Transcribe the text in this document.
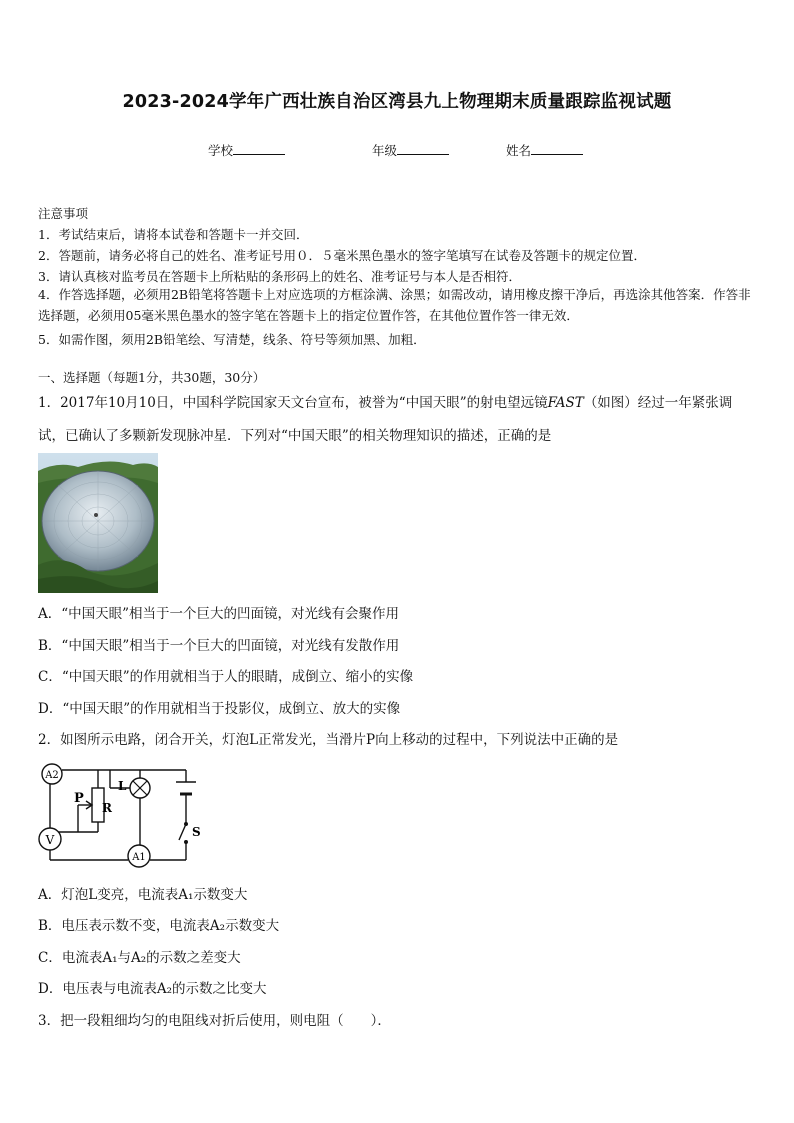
2023-2024学年广西壮族自治区湾县九上物理期末质量跟踪监视试题
学校	年级	姓名
注意事项
1．考试结束后，请将本试卷和答题卡一并交回．
2．答题前，请务必将自己的姓名、准考证号用０．５毫米黑色墨水的签字笔填写在试卷及答题卡的规定位置．
3．请认真核对监考员在答题卡上所粘贴的条形码上的姓名、准考证号与本人是否相符．
4．作答选择题，必须用2B铅笔将答题卡上对应选项的方框涂满、涂黑；如需改动，请用橡皮擦干净后，再选涂其他答案．作答非选择题，必须用05毫米黑色墨水的签字笔在答题卡上的指定位置作答，在其他位置作答一律无效．
5．如需作图，须用2B铅笔绘、写清楚，线条、符号等须加黑、加粗．
一、选择题（每题1分，共30题，30分）
1．2017年10月10日，中国科学院国家天文台宣布，被誉为“中国天眼”的射电望远镜FAST（如图）经过一年紧张调试，已确认了多颗新发现脉冲星．下列对“中国天眼”的相关物理知识的描述，正确的是
A．“中国天眼”相当于一个巨大的凹面镜，对光线有会聚作用
B．“中国天眼”相当于一个巨大的凹面镜，对光线有发散作用
C．“中国天眼”的作用就相当于人的眼睛，成倒立、缩小的实像
D．“中国天眼”的作用就相当于投影仪，成倒立、放大的实像
2．如图所示电路，闭合开关，灯泡L正常发光，当滑片P向上移动的过程中，下列说法中正确的是
A2
V
A1
P
R
L
S
A．灯泡L变亮，电流表A₁示数变大
B．电压表示数不变，电流表A₂示数变大
C．电流表A₁与A₂的示数之差变大
D．电压表与电流表A₂的示数之比变大
3．把一段粗细均匀的电阻线对折后使用，则电阻（　　）．
